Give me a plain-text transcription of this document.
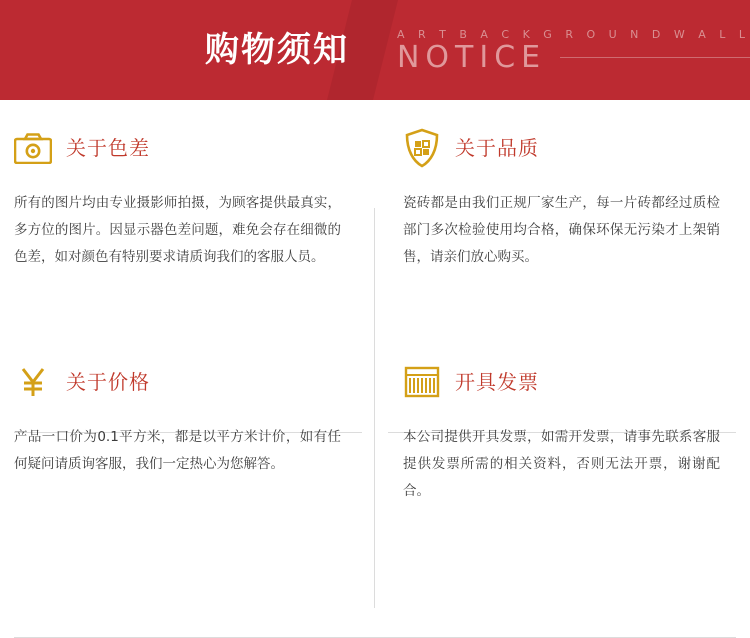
购物须知	A R T B A C K G R O U N D W A L L
NOTICE
关于色差
所有的图片均由专业摄影师拍摄，为顾客提供最真实，多方位的图片。因显示器色差问题，难免会存在细微的色差，如对颜色有特别要求请质询我们的客服人员。
关于品质
瓷砖都是由我们正规厂家生产，每一片砖都经过质检部门多次检验使用均合格，确保环保无污染才上架销售，请亲们放心购买。
关于价格
产品一口价为0.1平方米，都是以平方米计价，如有任何疑问请质询客服，我们一定热心为您解答。
开具发票
本公司提供开具发票，如需开发票，请事先联系客服提供发票所需的相关资料，否则无法开票，谢谢配合。
